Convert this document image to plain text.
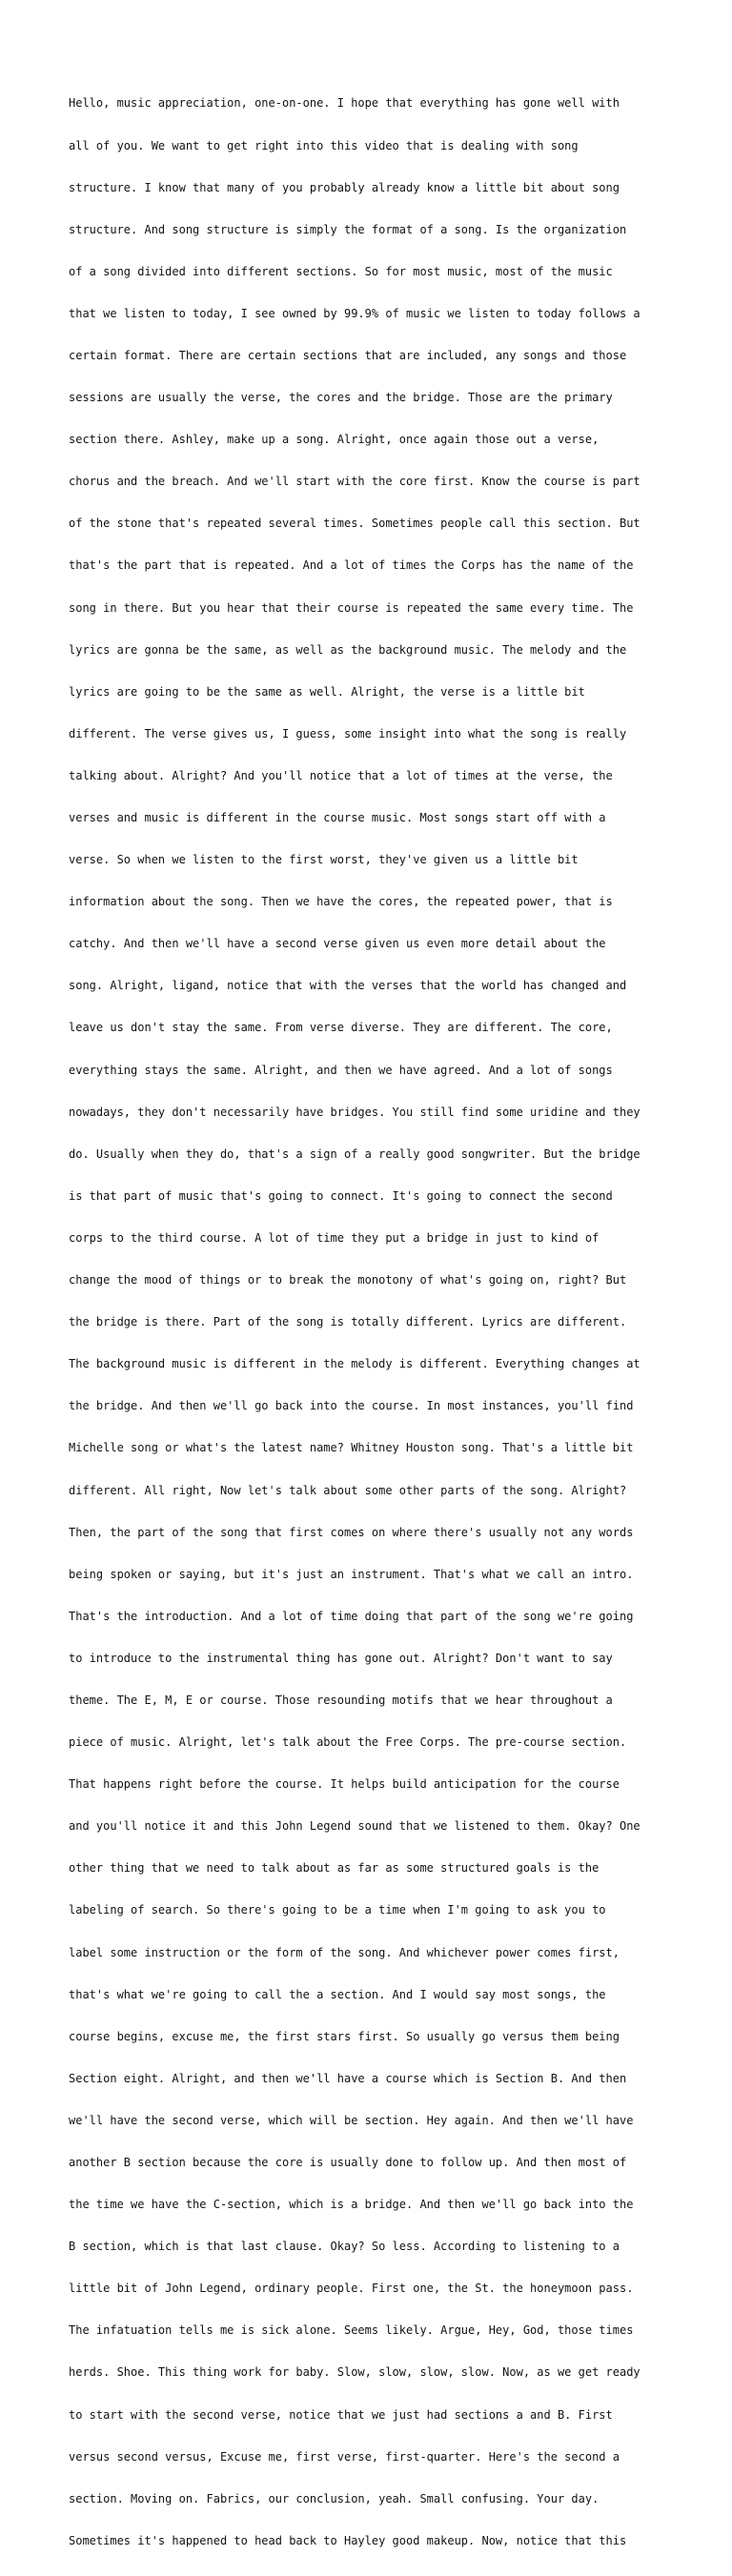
Hello, music appreciation, one-on-one. I hope that everything has gone well with

all of you. We want to get right into this video that is dealing with song

structure. I know that many of you probably already know a little bit about song

structure. And song structure is simply the format of a song. Is the organization

of a song divided into different sections. So for most music, most of the music

that we listen to today, I see owned by 99.9% of music we listen to today follows a

certain format. There are certain sections that are included, any songs and those

sessions are usually the verse, the cores and the bridge. Those are the primary

section there. Ashley, make up a song. Alright, once again those out a verse,

chorus and the breach. And we'll start with the core first. Know the course is part

of the stone that's repeated several times. Sometimes people call this section. But

that's the part that is repeated. And a lot of times the Corps has the name of the

song in there. But you hear that their course is repeated the same every time. The

lyrics are gonna be the same, as well as the background music. The melody and the

lyrics are going to be the same as well. Alright, the verse is a little bit

different. The verse gives us, I guess, some insight into what the song is really

talking about. Alright? And you'll notice that a lot of times at the verse, the

verses and music is different in the course music. Most songs start off with a

verse. So when we listen to the first worst, they've given us a little bit

information about the song. Then we have the cores, the repeated power, that is

catchy. And then we'll have a second verse given us even more detail about the

song. Alright, ligand, notice that with the verses that the world has changed and

leave us don't stay the same. From verse diverse. They are different. The core,

everything stays the same. Alright, and then we have agreed. And a lot of songs

nowadays, they don't necessarily have bridges. You still find some uridine and they

do. Usually when they do, that's a sign of a really good songwriter. But the bridge

is that part of music that's going to connect. It's going to connect the second

corps to the third course. A lot of time they put a bridge in just to kind of

change the mood of things or to break the monotony of what's going on, right? But

the bridge is there. Part of the song is totally different. Lyrics are different.

The background music is different in the melody is different. Everything changes at

the bridge. And then we'll go back into the course. In most instances, you'll find

Michelle song or what's the latest name? Whitney Houston song. That's a little bit

different. All right, Now let's talk about some other parts of the song. Alright?

Then, the part of the song that first comes on where there's usually not any words

being spoken or saying, but it's just an instrument. That's what we call an intro.

That's the introduction. And a lot of time doing that part of the song we're going

to introduce to the instrumental thing has gone out. Alright? Don't want to say

theme. The E, M, E or course. Those resounding motifs that we hear throughout a

piece of music. Alright, let's talk about the Free Corps. The pre-course section.

That happens right before the course. It helps build anticipation for the course

and you'll notice it and this John Legend sound that we listened to them. Okay? One

other thing that we need to talk about as far as some structured goals is the

labeling of search. So there's going to be a time when I'm going to ask you to

label some instruction or the form of the song. And whichever power comes first,

that's what we're going to call the a section. And I would say most songs, the

course begins, excuse me, the first stars first. So usually go versus them being

Section eight. Alright, and then we'll have a course which is Section B. And then

we'll have the second verse, which will be section. Hey again. And then we'll have

another B section because the core is usually done to follow up. And then most of

the time we have the C-section, which is a bridge. And then we'll go back into the

B section, which is that last clause. Okay? So less. According to listening to a

little bit of John Legend, ordinary people. First one, the St. the honeymoon pass.

The infatuation tells me is sick alone. Seems likely. Argue, Hey, God, those times

herds. Shoe. This thing work for baby. Slow, slow, slow, slow. Now, as we get ready

to start with the second verse, notice that we just had sections a and B. First

versus second versus, Excuse me, first verse, first-quarter. Here's the second a

section. Moving on. Fabrics, our conclusion, yeah. Small confusing. Your day.

Sometimes it's happened to head back to Hayley good makeup. Now, notice that this
